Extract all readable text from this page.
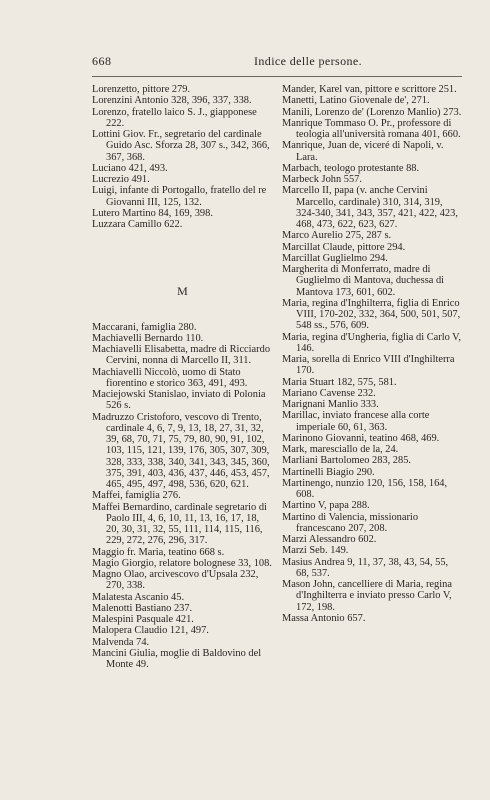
668	Indice delle persone.

Lorenzetto, pittore 279.

Lorenzini Antonio 328, 396, 337, 338.

Lorenzo, fratello laico S. J., giapponese 222.

Lottini Giov. Fr., segretario del cardinale Guido Asc. Sforza 28, 307 s., 342, 366, 367, 368.

Luciano 421, 493.

Lucrezio 491.

Luigi, infante di Portogallo, fratello del re Giovanni III, 125, 132.

Lutero Martino 84, 169, 398.

Luzzara Camillo 622.

M

Maccarani, famiglia 280.

Machiavelli Bernardo 110.

Machiavelli Elisabetta, madre di Ricciardo Cervini, nonna di Marcello II, 311.

Machiavelli Niccolò, uomo di Stato fiorentino e storico 363, 491, 493.

Maciejowski Stanislao, inviato di Polonia 526 s.

Madruzzo Cristoforo, vescovo di Trento, cardinale 4, 6, 7, 9, 13, 18, 27, 31, 32, 39, 68, 70, 71, 75, 79, 80, 90, 91, 102, 103, 115, 121, 139, 176, 305, 307, 309, 328, 333, 338, 340, 341, 343, 345, 360, 375, 391, 403, 436, 437, 446, 453, 457, 465, 495, 497, 498, 536, 620, 621.

Maffei, famiglia 276.

Maffei Bernardino, cardinale segretario di Paolo III, 4, 6, 10, 11, 13, 16, 17, 18, 20, 30, 31, 32, 55, 111, 114, 115, 116, 229, 272, 276, 296, 317.

Maggio fr. Maria, teatino 668 s.

Magio Giorgio, relatore bolognese 33, 108.

Magno Olao, arcivescovo d'Upsala 232, 270, 338.

Malatesta Ascanio 45.

Malenotti Bastiano 237.

Malespini Pasquale 421.

Malopera Claudio 121, 497.

Malvenda 74.

Mancini Giulia, moglie di Baldovino del Monte 49.

Mander, Karel van, pittore e scrittore 251.

Manetti, Latino Giovenale de', 271.

Manili, Lorenzo de' (Lorenzo Manlio) 273.

Manrique Tommaso O. Pr., professore di teologia all'università romana 401, 660.

Manrique, Juan de, viceré di Napoli, v. Lara.

Marbach, teologo protestante 88.

Marbeck John 557.

Marcello II, papa (v. anche Cervini Marcello, cardinale) 310, 314, 319, 324-340, 341, 343, 357, 421, 422, 423, 468, 473, 622, 623, 627.

Marco Aurelio 275, 287 s.

Marcillat Claude, pittore 294.

Marcillat Guglielmo 294.

Margherita di Monferrato, madre di Guglielmo di Mantova, duchessa di Mantova 173, 601, 602.

Maria, regina d'Inghilterra, figlia di Enrico VIII, 170-202, 332, 364, 500, 501, 507, 548 ss., 576, 609.

Maria, regina d'Ungheria, figlia di Carlo V, 146.

Maria, sorella di Enrico VIII d'Inghilterra 170.

Maria Stuart 182, 575, 581.

Mariano Cavense 232.

Marignani Manlio 333.

Marillac, inviato francese alla corte imperiale 60, 61, 363.

Marinono Giovanni, teatino 468, 469.

Mark, maresciallo de la, 24.

Marliani Bartolomeo 283, 285.

Martinelli Biagio 290.

Martinengo, nunzio 120, 156, 158, 164, 608.

Martino V, papa 288.

Martino di Valencia, missionario francescano 207, 208.

Marzi Alessandro 602.

Marzi Seb. 149.

Masius Andrea 9, 11, 37, 38, 43, 54, 55, 68, 537.

Mason John, cancelliere di Maria, regina d'Inghilterra e inviato presso Carlo V, 172, 198.

Massa Antonio 657.
